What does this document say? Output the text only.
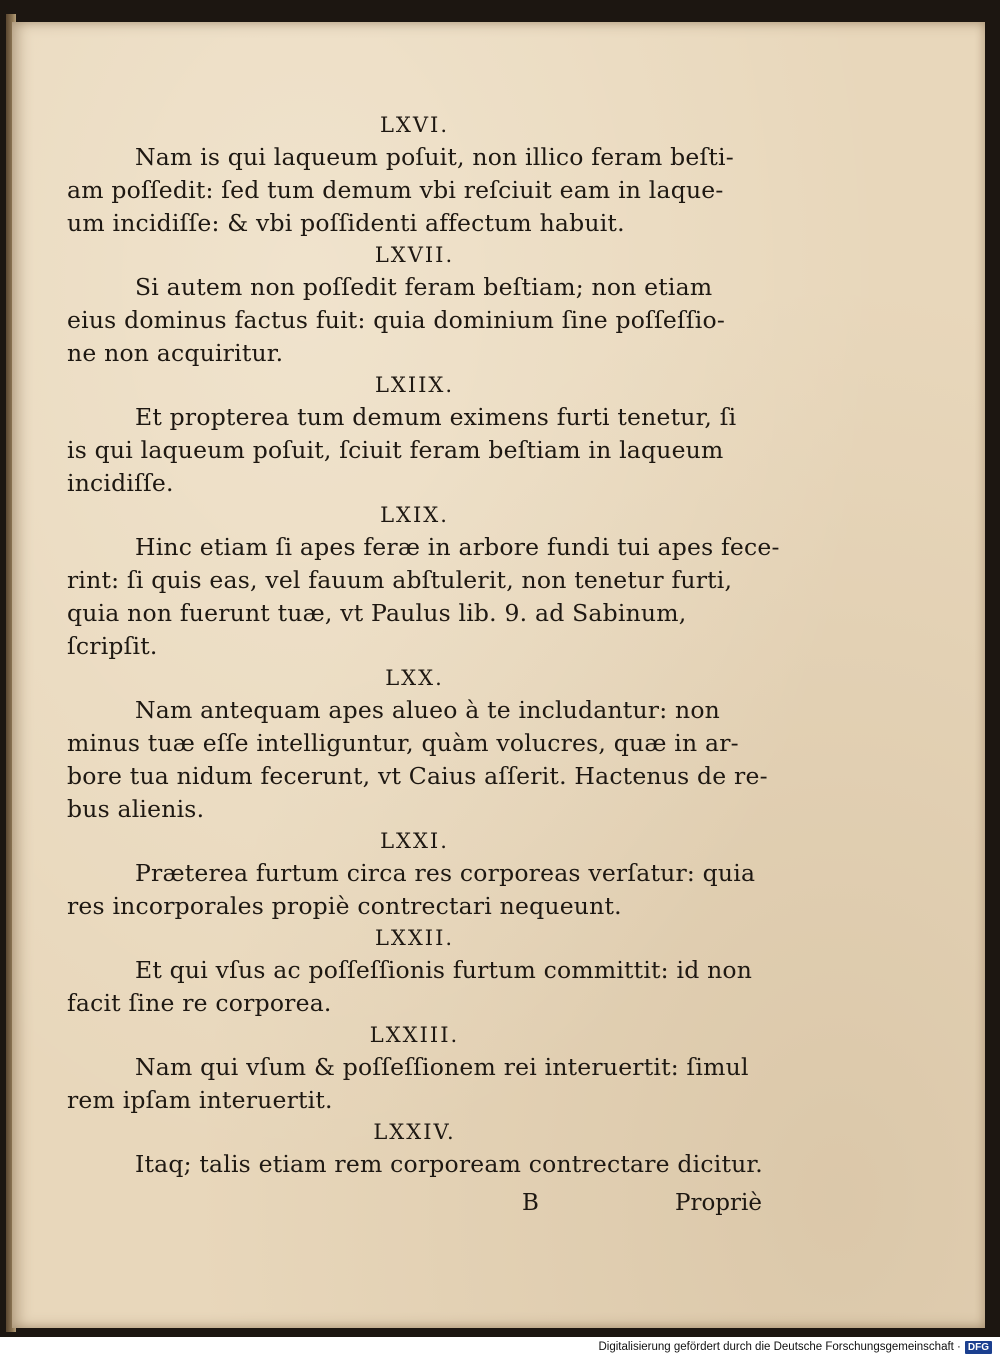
LXVI.
Nam is qui laqueum poſuit, non illico feram beſti-
am poſſedit: ſed tum demum vbi reſciuit eam in laque-
um incidiſſe: & vbi poſſidenti affectum habuit.
LXVII.
Si autem non poſſedit feram beſtiam; non etiam
eius dominus factus fuit: quia dominium ſine poſſeſſio-
ne non acquiritur.
LXIIX.
Et propterea tum demum eximens furti tenetur, ſi
is qui laqueum poſuit, ſciuit feram beſtiam in laqueum
incidiſſe.
LXIX.
Hinc etiam ſi apes feræ in arbore fundi tui apes fece-
rint: ſi quis eas, vel fauum abſtulerit, non tenetur furti,
quia non fuerunt tuæ, vt Paulus lib. 9. ad Sabinum,
ſcripſit.
LXX.
Nam antequam apes alueo à te includantur: non
minus tuæ eſſe intelliguntur, quàm volucres, quæ in ar-
bore tua nidum fecerunt, vt Caius aſſerit. Hactenus de re-
bus alienis.
LXXI.
Præterea furtum circa res corporeas verſatur: quia
res incorporales propiè contrectari nequeunt.
LXXII.
Et qui vſus ac poſſeſſionis furtum committit: id non
facit ſine re corporea.
LXXIII.
Nam qui vſum & poſſeſſionem rei interuertit: ſimul
rem ipſam interuertit.
LXXIV.
Itaq; talis etiam rem corpoream contrectare dicitur.
B	Propriè
Digitalisierung gefördert durch die Deutsche Forschungsgemeinschaft · DFG
